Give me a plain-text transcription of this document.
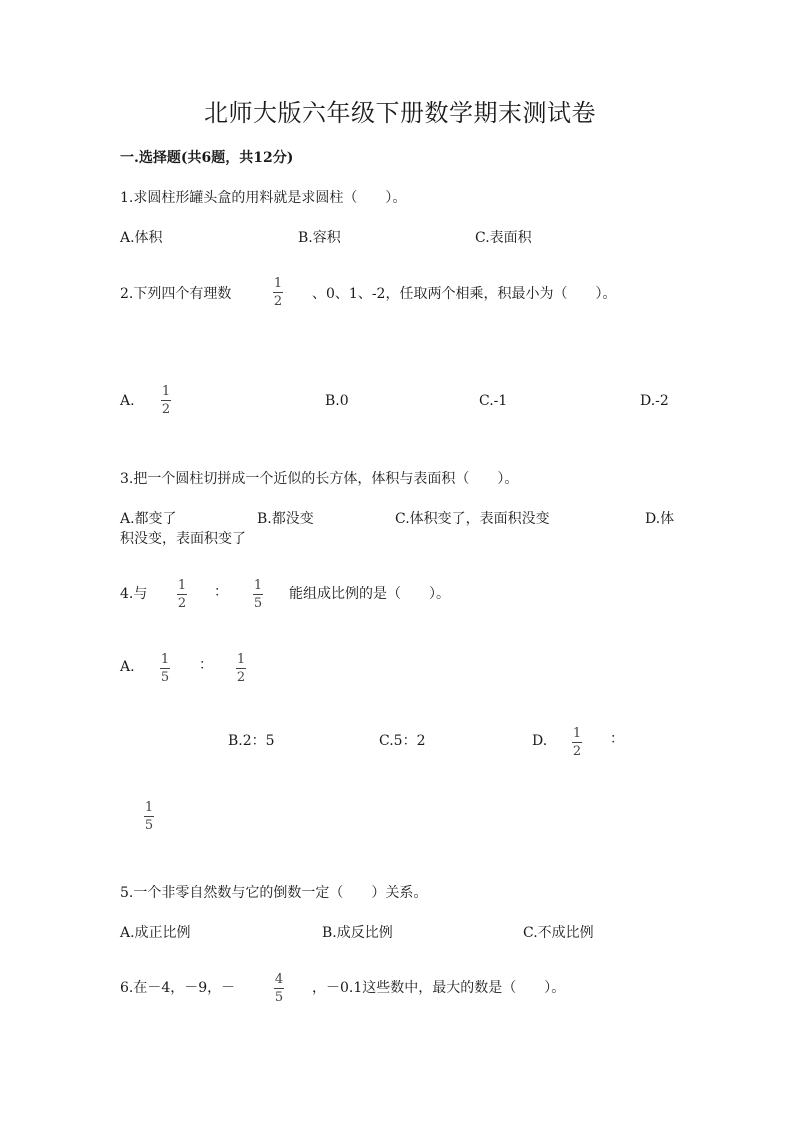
北师大版六年级下册数学期末测试卷
一.选择题(共6题，共12分)
1.求圆柱形罐头盒的用料就是求圆柱（　　）。
A.体积	B.容积	C.表面积
2.下列四个有理数
1
2 、0、1、-2，任取两个相乘，积最小为（　　）。
A.
1
2
B.0	C.-1	D.-2
3.把一个圆柱切拼成一个近似的长方体，体积与表面积（　　）。
A.都变了	B.都没变	C.体积变了，表面积没变	D.体
积没变，表面积变了
4.与
1
2
： 1
5
能组成比例的是（　　）。
A. 1
5
： 1
2
B.2：5	C.5：2	D. 1
2
：
1
5
5.一个非零自然数与它的倒数一定（　　）关系。
A.成正比例	B.成反比例	C.不成比例
6.在－4，－9，－
4
5
，－0.1这些数中，最大的数是（　　）。
